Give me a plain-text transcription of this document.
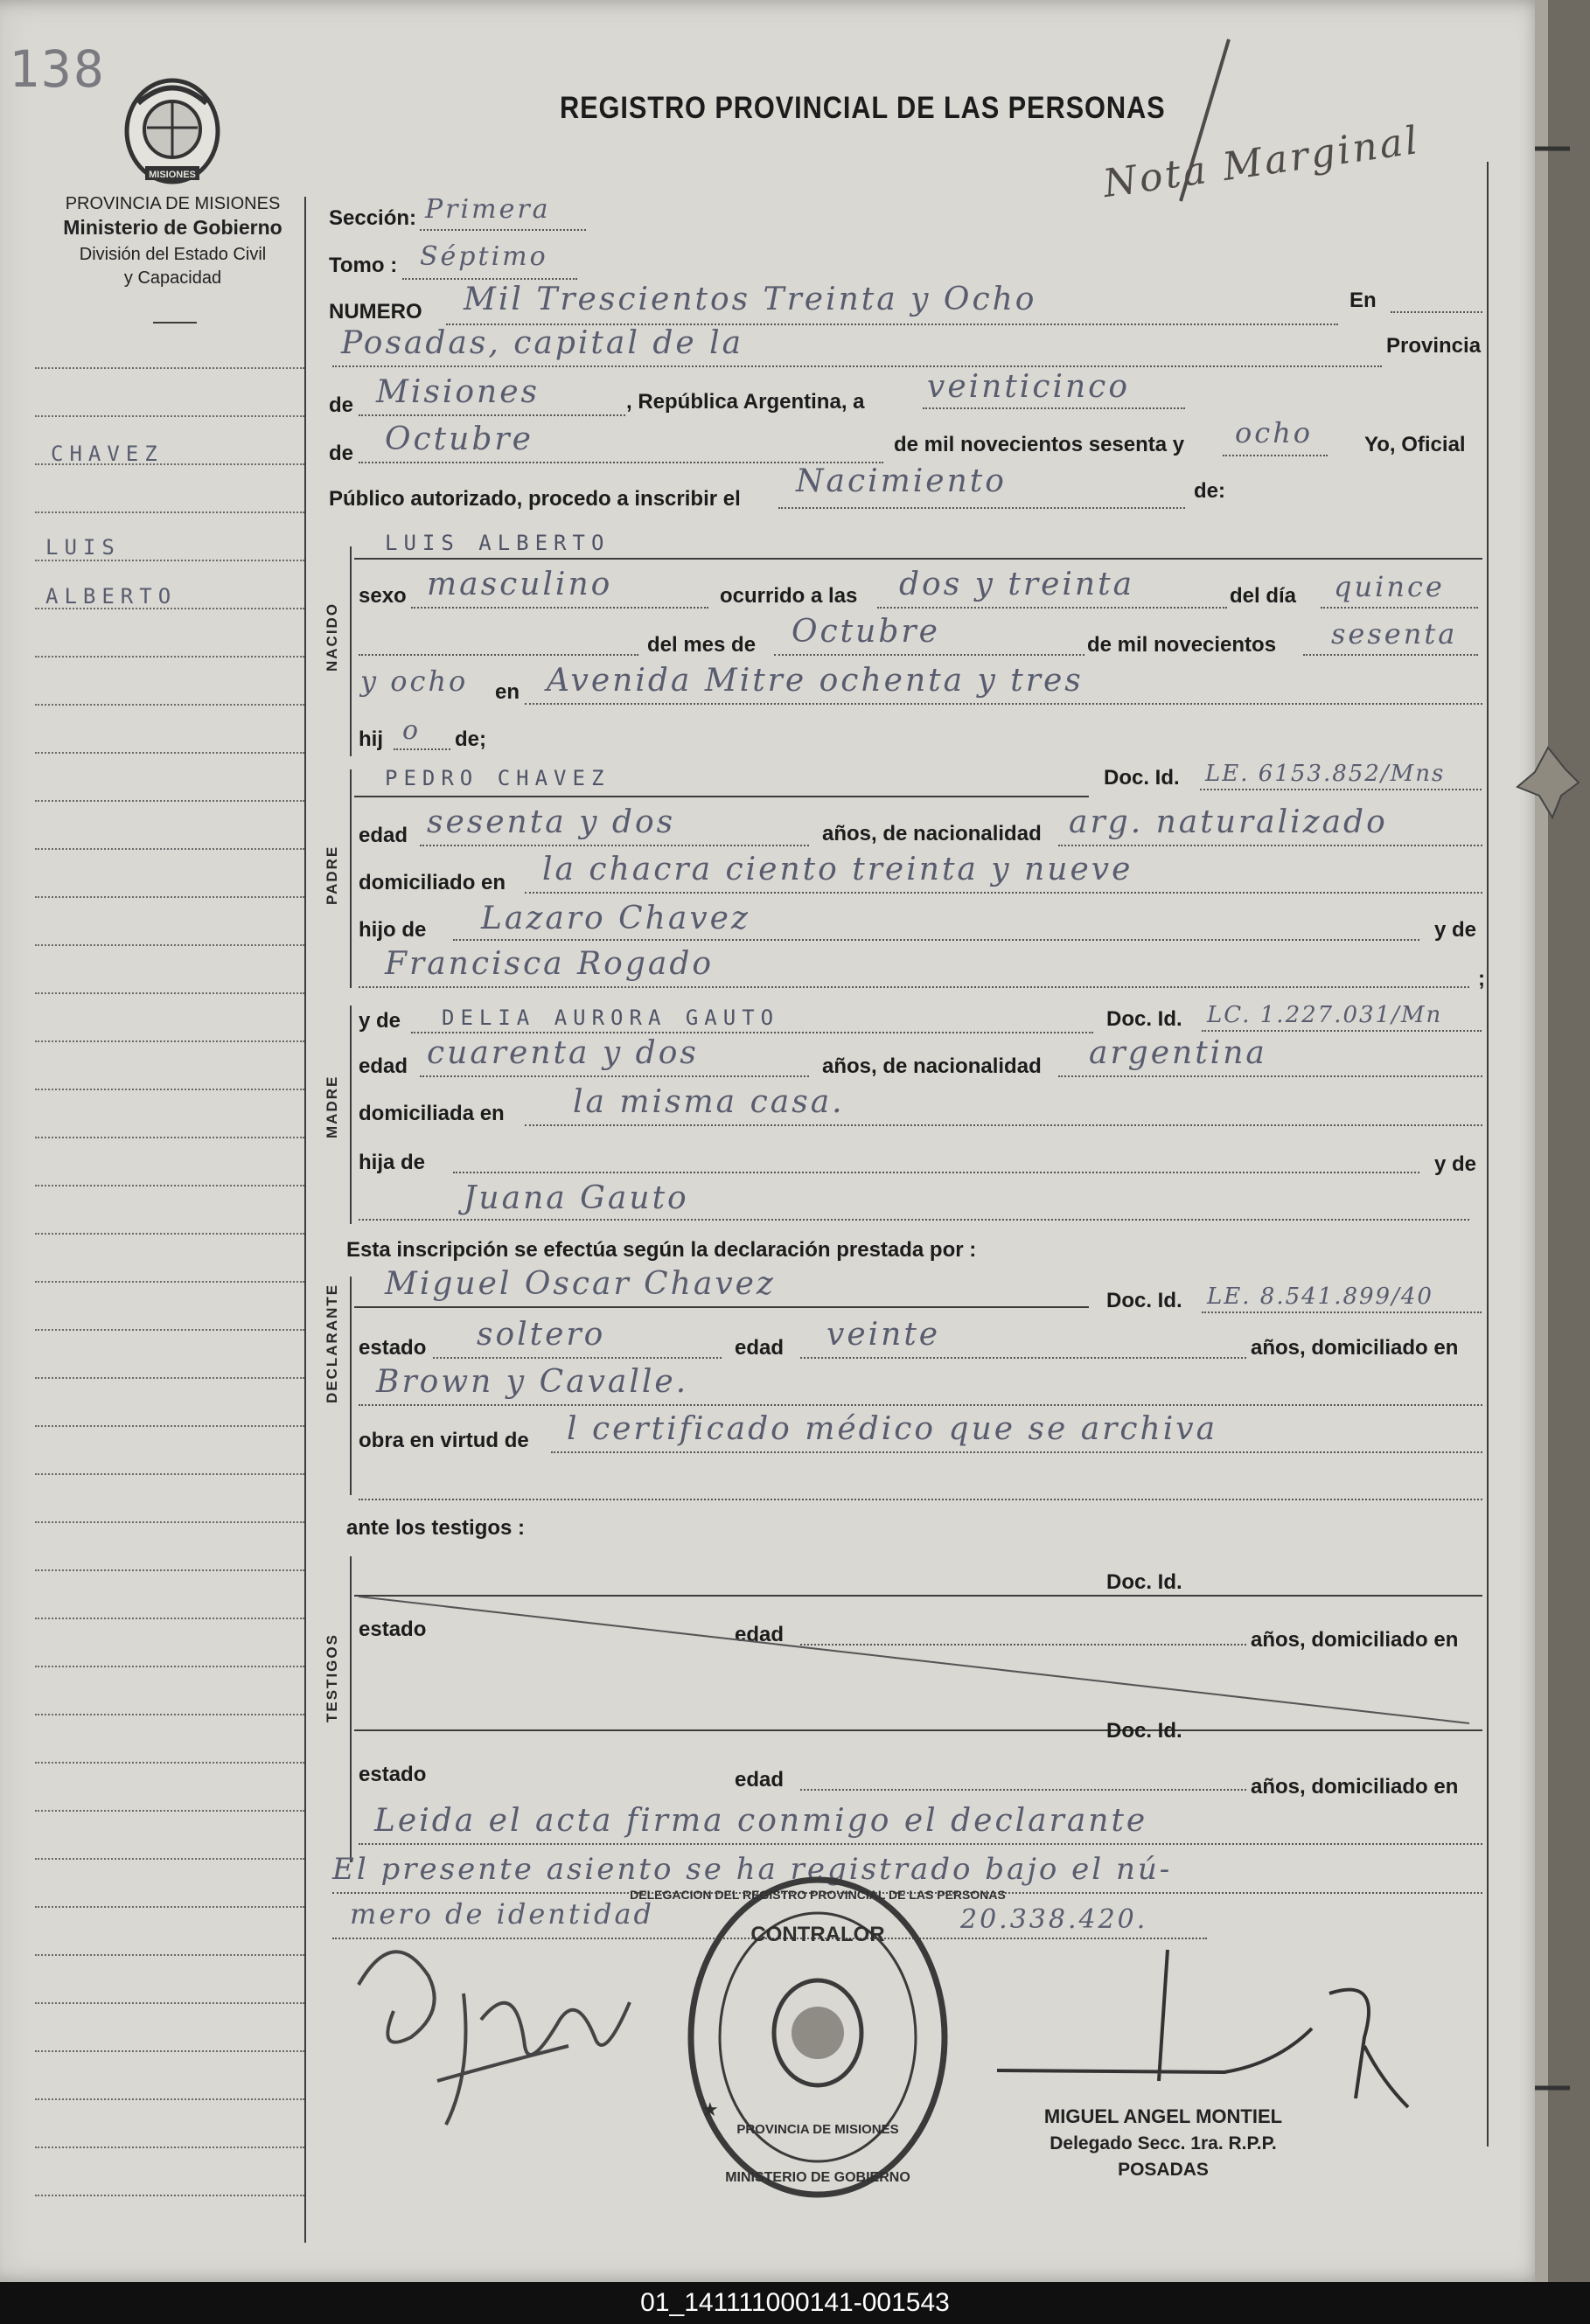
138
MISIONES
PROVINCIA DE MISIONES
Ministerio de Gobierno
División del Estado Civil
y Capacidad
REGISTRO PROVINCIAL DE LAS PERSONAS
Nota Marginal
CHAVEZ
LUIS
ALBERTO
Sección: Primera
Tomo : Séptimo
NUMERO Mil Trescientos Treinta y Ocho	En
Posadas, capital de la	Provincia
de Misiones	, República Argentina, a veinticinco
de Octubre	de mil novecientos sesenta y ocho Yo, Oficial
Público autorizado, procedo a inscribir el Nacimiento	de:
NACIDO
LUIS ALBERTO
sexo masculino	ocurrido a las dos y treinta	del día quince
del mes de Octubre	de mil novecientos sesenta
y ocho en Avenida Mitre ochenta y tres
hij o de;
PADRE
PEDRO CHAVEZ	Doc. Id. LE. 6153.852/Mns
edad sesenta y dos	años, de nacionalidad arg. naturalizado
domiciliado en la chacra ciento treinta y nueve
hijo de Lazaro Chavez	y de
Francisca Rogado	;
MADRE
y de DELIA AURORA GAUTO	Doc. Id. LC. 1.227.031/Mn
edad cuarenta y dos	años, de nacionalidad argentina
domiciliada en la misma casa.
hija de	y de
Juana Gauto
Esta inscripción se efectúa según la declaración prestada por :
Miguel Oscar Chavez	Doc. Id. LE. 8.541.899/40
estado soltero	edad veinte	años, domiciliado en
Brown y Cavalle.
obra en virtud de l certificado médico que se archiva
ante los testigos :
Doc. Id.
estado	edad	años, domiciliado en
Doc. Id.
estado	edad	años, domiciliado en
Leida el acta firma conmigo el declarante
El presente asiento se ha registrado bajo el nú-
mero de identidad	20.338.420.
CONTRALOR
DELEGACION DEL REGISTRO PROVINCIAL DE LAS PERSONAS
PROVINCIA DE MISIONES
MINISTERIO DE GOBIERNO
★	MIGUEL ANGEL MONTIEL
Delegado Secc. 1ra. R.P.P.
POSADAS
01_141111000141-001543
